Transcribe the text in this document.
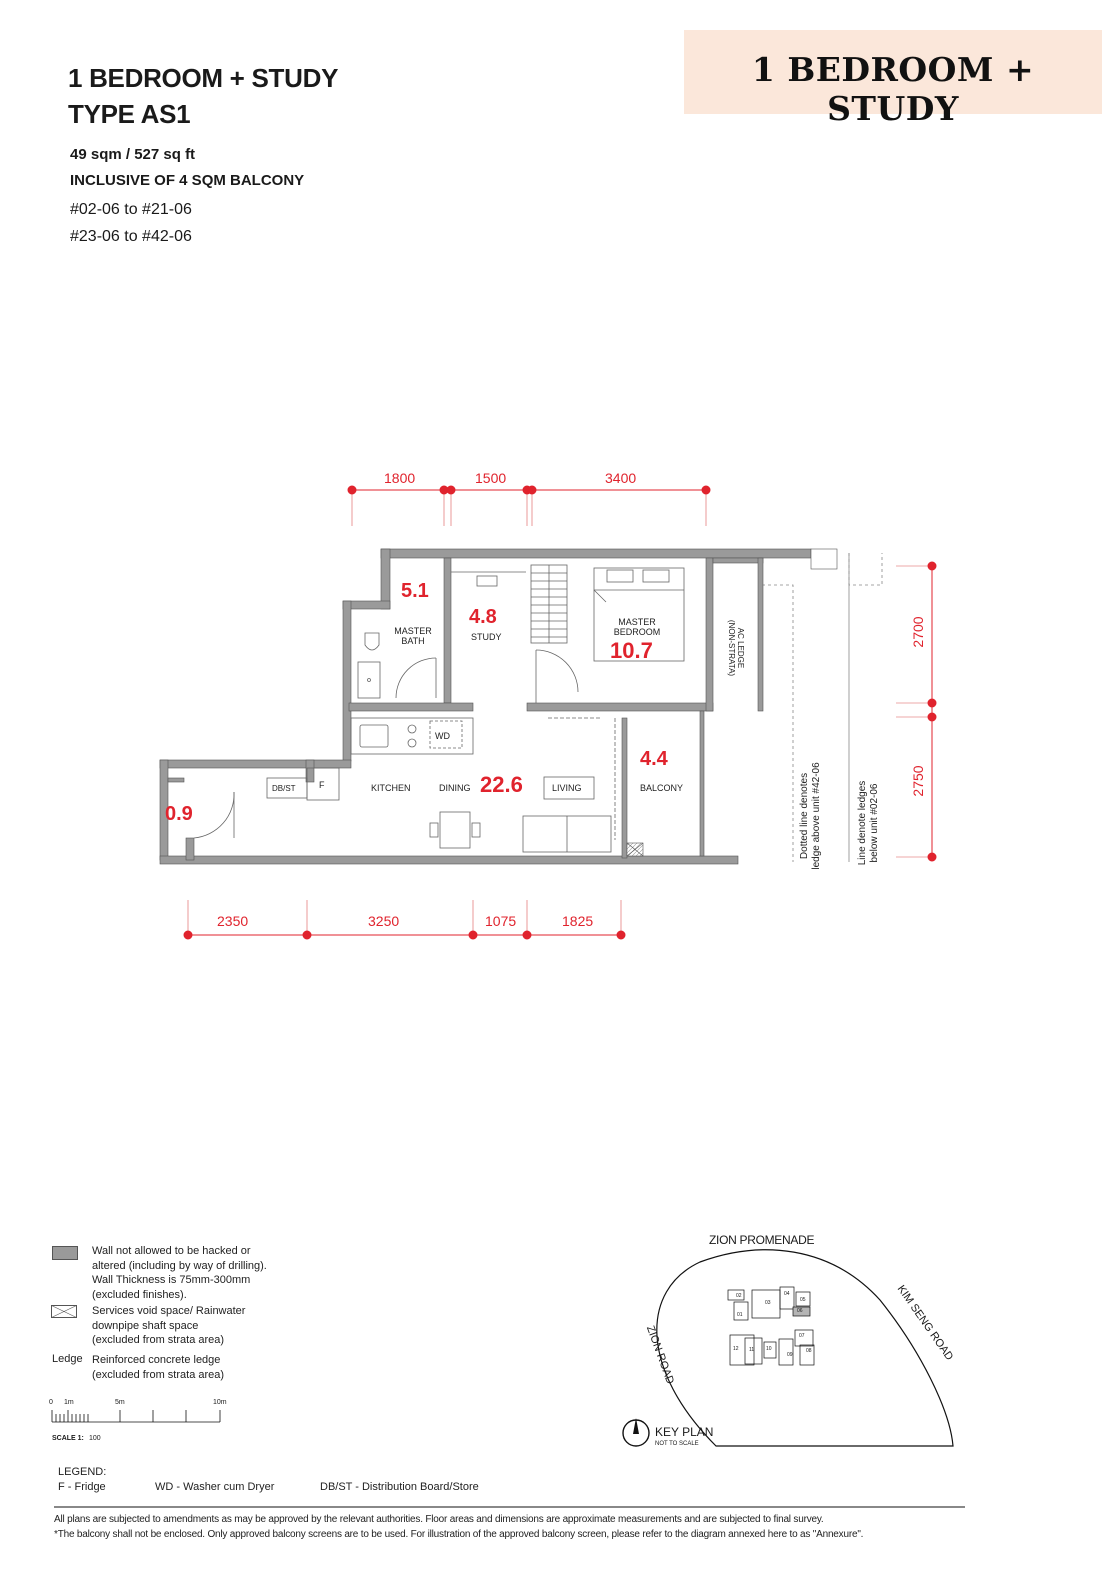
1 BEDROOM + STUDY
TYPE AS1
49 sqm / 527 sq ft
INCLUSIVE OF 4 SQM BALCONY
#02-06 to #21-06
#23-06 to #42-06
1 BEDROOM + STUDY
1800	1500	3400
2350	3250	1075	1825
2700
2750
5.1
MASTER
BATH
4.8
STUDY
MASTER
BEDROOM
10.7	AC LEDGE
(NON-STRATA)
WD
DB/ST	F	KITCHEN	DINING 22.6	LIVING
4.4
BALCONY
0.9	Dotted line denotes ledge above unit #42-06	Line denote ledges below unit #02-06
Wall not allowed to be hacked or
altered (including by way of drilling).
Wall Thickness is 75mm-300mm
(excluded finishes).
Services void space/ Rainwater
downpipe shaft space
(excluded from strata area)
Ledge Reinforced concrete ledge
(excluded from strata area)
0 1m	5m	10m
SCALE 1: 100
ZION PROMENADE
KIM SENG ROAD
ZION ROAD
KEY PLAN
NOT TO SCALE
02	04
03	05
01
06
07
12 11 10
09
08
LEGEND:
F - Fridge	WD - Washer cum Dryer	DB/ST - Distribution Board/Store
All plans are subjected to amendments as may be approved by the relevant authorities. Floor areas and dimensions are approximate measurements and are subjected to final survey.
*The balcony shall not be enclosed. Only approved balcony screens are to be used. For illustration of the approved balcony screen, please refer to the diagram annexed here to as "Annexure".
